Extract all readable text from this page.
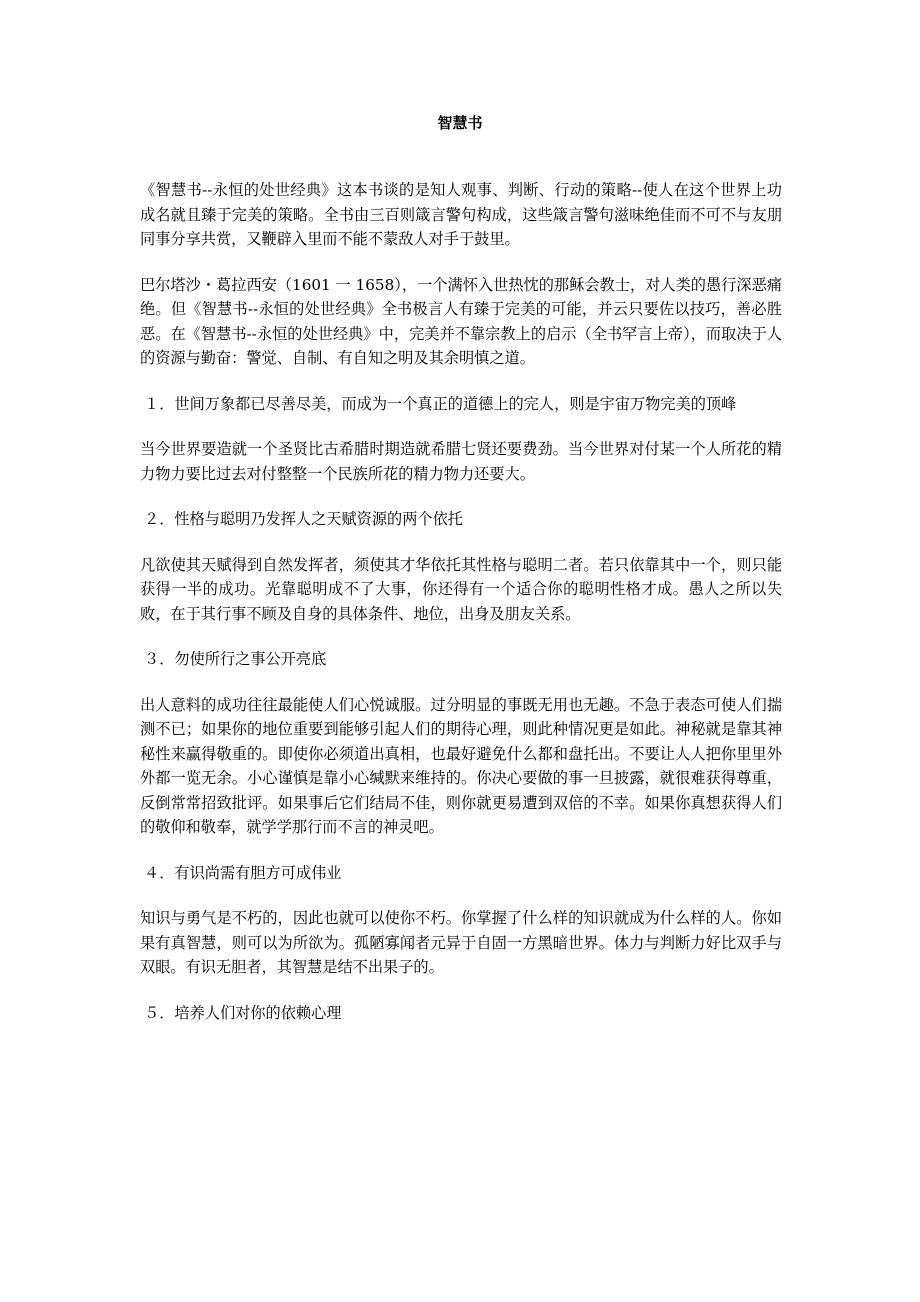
智慧书

《智慧书--永恒的处世经典》这本书谈的是知人观事、判断、行动的策略--使人在这个世界上功成名就且臻于完美的策略。全书由三百则箴言警句构成，这些箴言警句滋味绝佳而不可不与友朋同事分享共赏，又鞭辟入里而不能不蒙敌人对手于鼓里。

巴尔塔沙・葛拉西安（1601 一 1658），一个满怀入世热忱的那稣会教士，对人类的愚行深恶痛绝。但《智慧书--永恒的处世经典》全书极言人有臻于完美的可能，并云只要佐以技巧，善必胜恶。在《智慧书--永恒的处世经典》中，完美并不靠宗教上的启示（全书罕言上帝），而取决于人的资源与勤奋：警觉、自制、有自知之明及其余明慎之道。

１．世间万象都已尽善尽美，而成为一个真正的道德上的完人，则是宇宙万物完美的顶峰

当今世界要造就一个圣贤比古希腊时期造就希腊七贤还要费劲。当今世界对付某一个人所花的精力物力要比过去对付整整一个民族所花的精力物力还要大。

２．性格与聪明乃发挥人之天赋资源的两个依托

凡欲使其天赋得到自然发挥者，须使其才华依托其性格与聪明二者。若只依靠其中一个，则只能获得一半的成功。光靠聪明成不了大事，你还得有一个适合你的聪明性格才成。愚人之所以失败，在于其行事不顾及自身的具体条件、地位，出身及朋友关系。

３．勿使所行之事公开亮底

出人意料的成功往往最能使人们心悦诚服。过分明显的事既无用也无趣。不急于表态可使人们揣测不已；如果你的地位重要到能够引起人们的期待心理，则此种情况更是如此。神秘就是靠其神秘性来赢得敬重的。即使你必须道出真相，也最好避免什么都和盘托出。不要让人人把你里里外外都一览无余。小心谨慎是靠小心缄默来维持的。你决心要做的事一旦披露，就很难获得尊重，反倒常常招致批评。如果事后它们结局不佳，则你就更易遭到双倍的不幸。如果你真想获得人们的敬仰和敬奉，就学学那行而不言的神灵吧。

４．有识尚需有胆方可成伟业

知识与勇气是不朽的，因此也就可以使你不朽。你掌握了什么样的知识就成为什么样的人。你如果有真智慧，则可以为所欲为。孤陋寡闻者元异于自固一方黑暗世界。体力与判断力好比双手与双眼。有识无胆者，其智慧是结不出果子的。

５．培养人们对你的依赖心理
